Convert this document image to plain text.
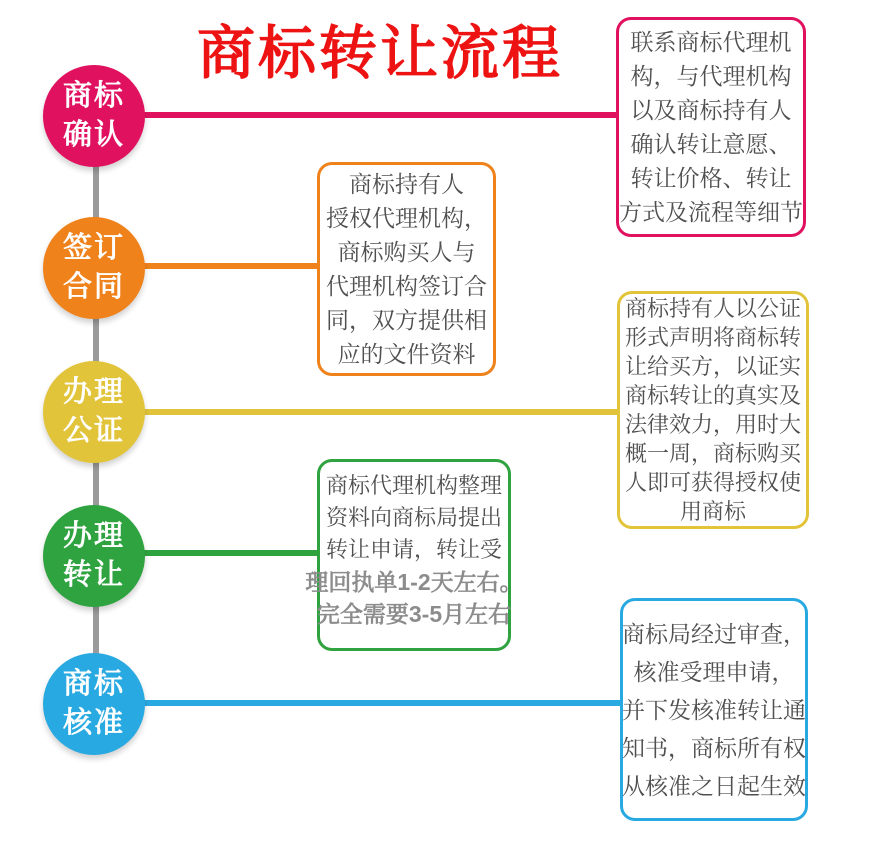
商标转让流程
商标
确认
联系商标代理机
构，与代理机构
以及商标持有人
确认转让意愿、
转让价格、转让
方式及流程等细节
签订
合同
商标持有人
授权代理机构，
商标购买人与
代理机构签订合
同，双方提供相
应的文件资料
办理
公证
商标持有人以公证
形式声明将商标转
让给买方，以证实
商标转让的真实及
法律效力，用时大
概一周，商标购买
人即可获得授权使
用商标
办理
转让
商标代理机构整理
资料向商标局提出
转让申请，转让受
理回执单1-2天左右。
完全需要3-5月左右
商标
核准
商标局经过审查，
核准受理申请，
并下发核准转让通
知书，商标所有权
从核准之日起生效
